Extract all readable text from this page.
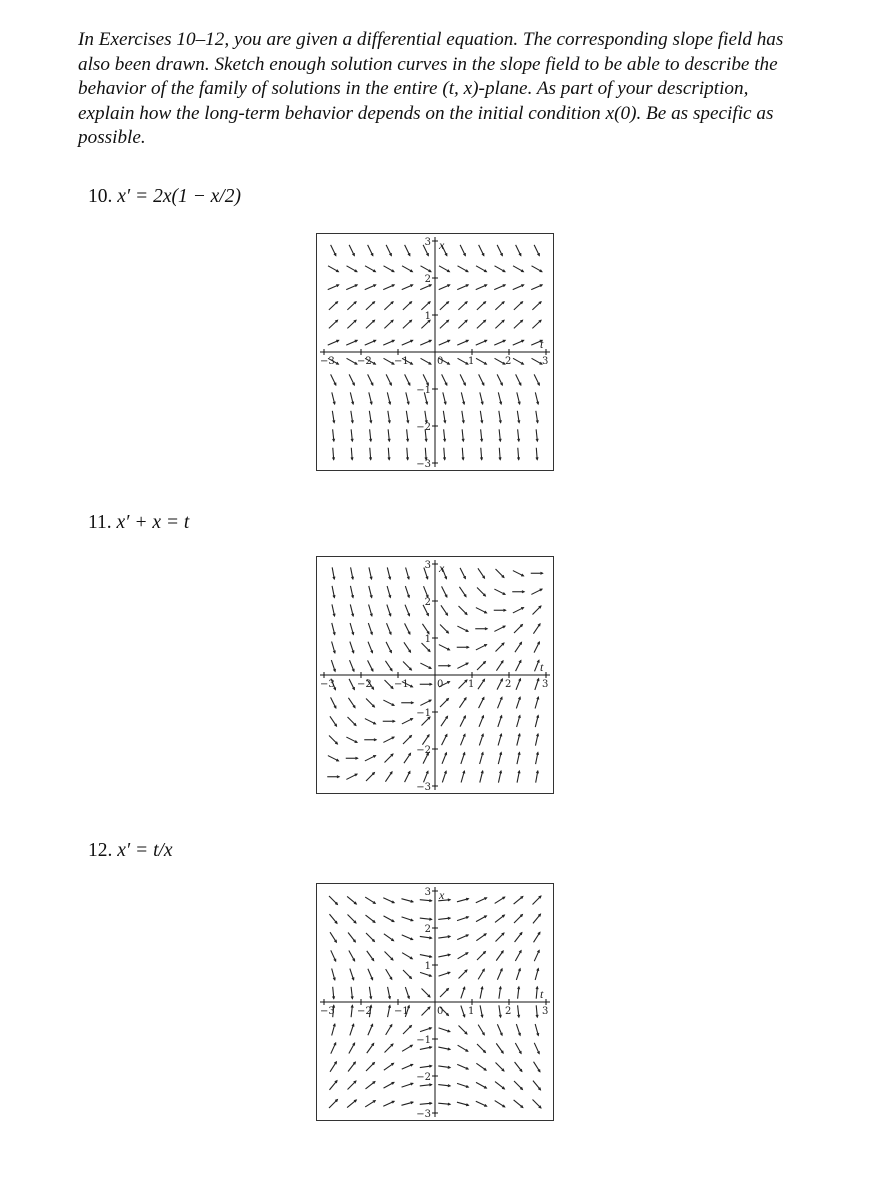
In Exercises 10–12, you are given a differential equation. The corresponding slope field has also been drawn. Sketch enough solution curves in the slope field to be able to describe the behavior of the family of solutions in the entire (t, x)-plane. As part of your description, explain how the long-term behavior depends on the initial condition x(0). Be as specific as possible.

10. x′ = 2x(1 − x/2)
t
x
−3 −2 −1	0 1	2	3
3
2
1
−1
−2
−3
11. x′ + x = t
t
x
−3 −2 −1	0 1	2	3
3
2
1
−1
−2
−3
12. x′ = t/x
t
x
−3 −2 −1	0 1	2	3
3
2
1
−1
−2
−3
